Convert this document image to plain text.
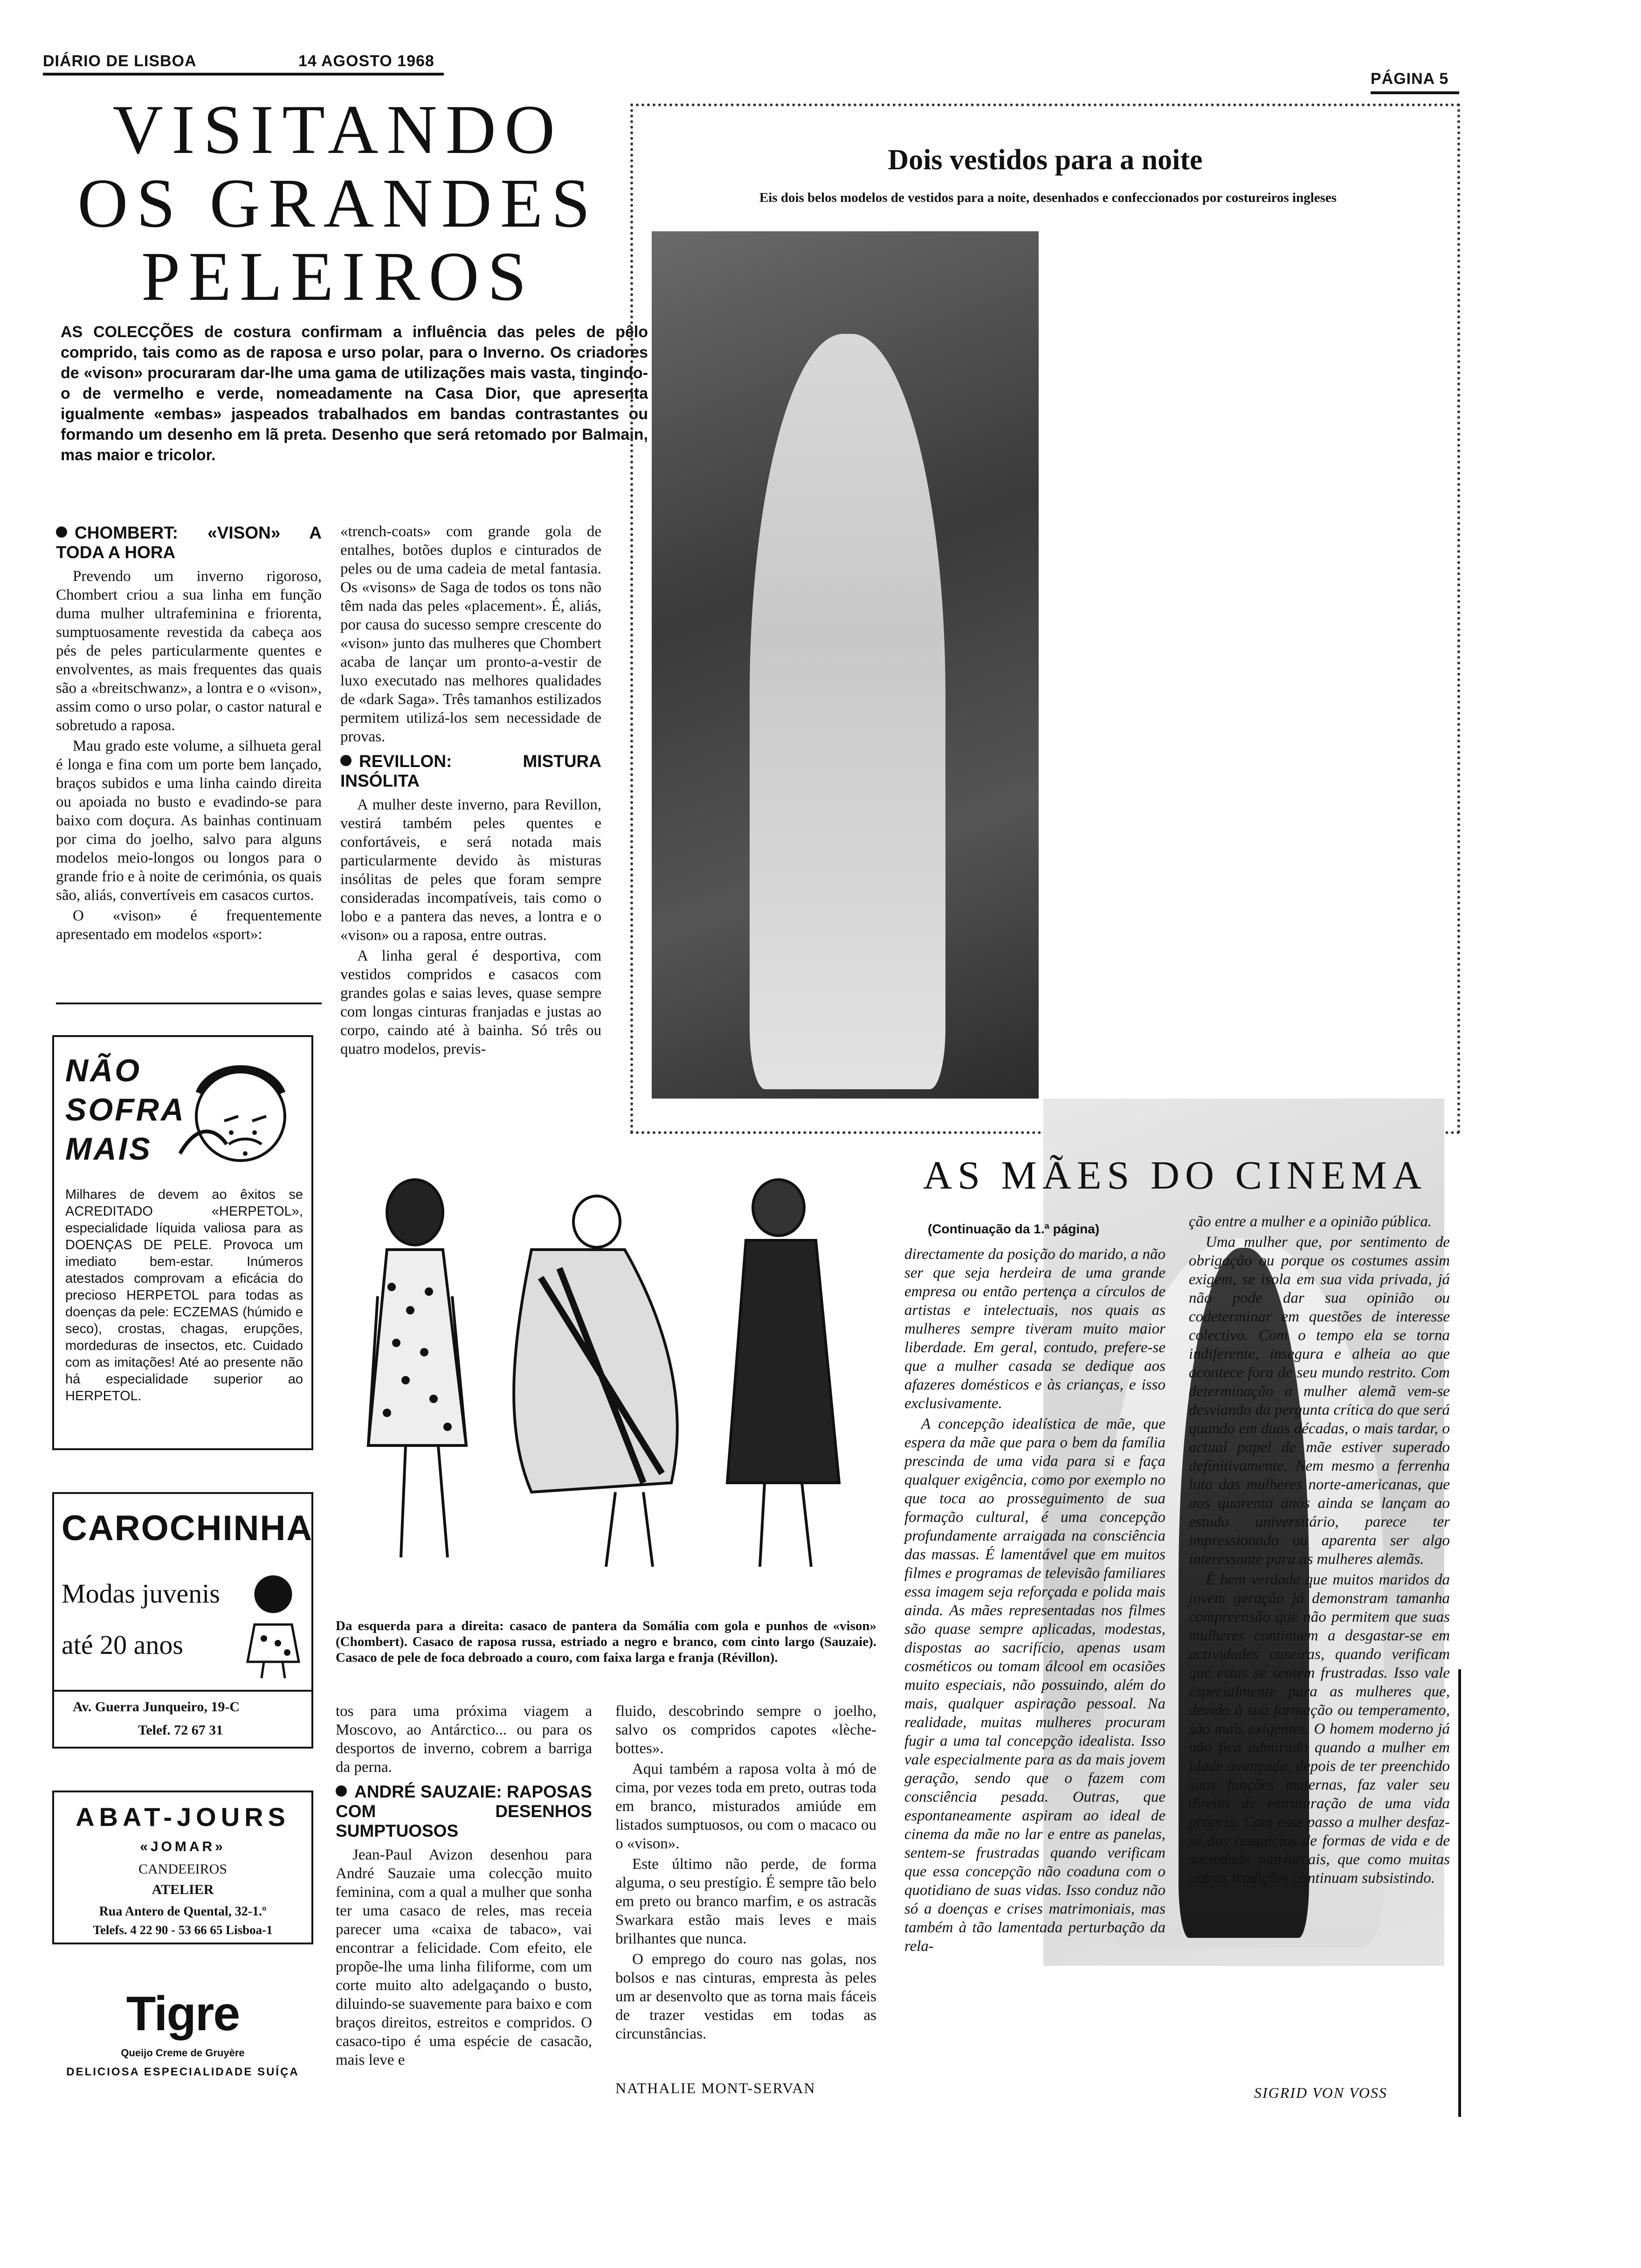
DIÁRIO DE LISBOA	14 AGOSTO 1968
PÁGINA 5
VISITANDO
OS GRANDES
PELEIROS
AS COLECÇÕES de costura confirmam a influência das peles de pêlo comprido, tais como as de raposa e urso polar, para o Inverno. Os criadores de «vison» procuraram dar-lhe uma gama de utilizações mais vasta, tingindo-o de vermelho e verde, nomeadamente na Casa Dior, que apresenta igualmente «embas» jaspeados trabalhados em bandas contrastantes ou formando um desenho em lã preta. Desenho que será retomado por Balmain, mas maior e tricolor.
CHOMBERT: «VISON» A TODA A HORA

Prevendo um inverno rigoroso, Chombert criou a sua linha em função duma mulher ultrafeminina e friorenta, sumptuosamente revestida da cabeça aos pés de peles particularmente quentes e envolventes, as mais frequentes das quais são a «breitschwanz», a lontra e o «vison», assim como o urso polar, o castor natural e sobretudo a raposa.

Mau grado este volume, a silhueta geral é longa e fina com um porte bem lançado, braços subidos e uma linha caindo direita ou apoiada no busto e evadindo-se para baixo com doçura. As bainhas continuam por cima do joelho, salvo para alguns modelos meio-longos ou longos para o grande frio e à noite de cerimónia, os quais são, aliás, convertíveis em casacos curtos.

O «vison» é frequentemente apresentado em modelos «sport»:

«trench-coats» com grande gola de entalhes, botões duplos e cinturados de peles ou de uma cadeia de metal fantasia. Os «visons» de Saga de todos os tons não têm nada das peles «placement». É, aliás, por causa do sucesso sempre crescente do «vison» junto das mulheres que Chombert acaba de lançar um pronto-a-vestir de luxo executado nas melhores qualidades de «dark Saga». Três tamanhos estilizados permitem utilizá-los sem necessidade de provas.

REVILLON: MISTURA INSÓLITA

A mulher deste inverno, para Revillon, vestirá também peles quentes e confortáveis, e será notada mais particularmente devido às misturas insólitas de peles que foram sempre consideradas incompatíveis, tais como o lobo e a pantera das neves, a lontra e o «vison» ou a raposa, entre outras.

A linha geral é desportiva, com vestidos compridos e casacos com grandes golas e saias leves, quase sempre com longas cinturas franjadas e justas ao corpo, caindo até à bainha. Só três ou quatro modelos, previs-

Dois vestidos para a noite
Eis dois belos modelos de vestidos para a noite, desenhados e confeccionados por costureiros ingleses
AS MÃES DO CINEMA
(Continuação da 1.ª página)

directamente da posição do marido, a não ser que seja herdeira de uma grande empresa ou então pertença a círculos de artistas e intelectuais, nos quais as mulheres sempre tiveram muito maior liberdade. Em geral, contudo, prefere-se que a mulher casada se dedique aos afazeres domésticos e às crianças, e isso exclusivamente.

A concepção idealística de mãe, que espera da mãe que para o bem da família prescinda de uma vida para si e faça qualquer exigência, como por exemplo no que toca ao prosseguimento de sua formação cultural, é uma concepção profundamente arraigada na consciência das massas. É lamentável que em muitos filmes e programas de televisão familiares essa imagem seja reforçada e polida mais ainda. As mães representadas nos filmes são quase sempre aplicadas, modestas, dispostas ao sacrifício, apenas usam cosméticos ou tomam álcool em ocasiões muito especiais, não possuindo, além do mais, qualquer aspiração pessoal. Na realidade, muitas mulheres procuram fugir a uma tal concepção idealista. Isso vale especialmente para as da mais jovem geração, sendo que o fazem com consciência pesada. Outras, que espontaneamente aspiram ao ideal de cinema da mãe no lar e entre as panelas, sentem-se frustradas quando verificam que essa concepção não coaduna com o quotidiano de suas vidas. Isso conduz não só a doenças e crises matrimoniais, mas também à tão lamentada perturbação da rela-

ção entre a mulher e a opinião pública.

Uma mulher que, por sentimento de obrigação ou porque os costumes assim exigem, se isola em sua vida privada, já não pode dar sua opinião ou codeterminar em questões de interesse colectivo. Com o tempo ela se torna indiferente, insegura e alheia ao que acontece fora de seu mundo restrito. Com determinação a mulher alemã vem-se desviando da pergunta crítica do que será quando em duas décadas, o mais tardar, o actual papel de mãe estiver superado definitivamente. Nem mesmo a ferrenha luta das mulheres norte-americanas, que aos quarenta anos ainda se lançam ao estudo universitário, parece ter impressionado ou aparenta ser algo interessante para as mulheres alemãs.

É bem verdade que muitos maridos da jovem geração já demonstram tamanha compreensão que não permitem que suas mulheres continuem a desgastar-se em actividades caseiras, quando verificam que estas se sentem frustradas. Isso vale especialmente para as mulheres que, devido à sua formação ou temperamento, são mais exigentes. O homem moderno já não fica admirado quando a mulher em idade avançada, depois de ter preenchido suas funções maternas, faz valer seu direito de estruturação de uma vida própria. Com esse passo a mulher desfaz-se dos resquícios de formas de vida e de sociedade patriarcais, que como muitas outras tradições continuam subsistindo.

SIGRID VON VOSS
Da esquerda para a direita: casaco de pantera da Somália com gola e punhos de «vison» (Chombert). Casaco de raposa russa, estriado a negro e branco, com cinto largo (Sauzaie). Casaco de pele de foca debroado a couro, com faixa larga e franja (Révillon).

tos para uma próxima viagem a Moscovo, ao Antárctico... ou para os desportos de inverno, cobrem a barriga da perna.

ANDRÉ SAUZAIE: RAPOSAS COM DESENHOS SUMPTUOSOS

Jean-Paul Avizon desenhou para André Sauzaie uma colecção muito feminina, com a qual a mulher que sonha ter uma casaco de reles, mas receia parecer uma «caixa de tabaco», vai encontrar a felicidade. Com efeito, ele propõe-lhe uma linha filiforme, com um corte muito alto adelgaçando o busto, diluindo-se suavemente para baixo e com braços direitos, estreitos e compridos. O casaco-tipo é uma espécie de casacão, mais leve e

fluido, descobrindo sempre o joelho, salvo os compridos capotes «lèche-bottes».

Aqui também a raposa volta à mó de cima, por vezes toda em preto, outras toda em branco, misturados amiúde em listados sumptuosos, ou com o macaco ou o «vison».

Este último não perde, de forma alguma, o seu prestígio. É sempre tão belo em preto ou branco marfim, e os astracãs Swarkara estão mais leves e mais brilhantes que nunca.

O emprego do couro nas golas, nos bolsos e nas cinturas, empresta às peles um ar desenvolto que as torna mais fáceis de trazer vestidas em todas as circunstâncias.

NATHALIE MONT-SERVAN
NÃO
SOFRA
MAIS
Milhares de devem ao êxitos se ACREDITADO «HERPETOL», especialidade líquida valiosa para as DOENÇAS DE PELE. Provoca um imediato bem-estar. Inúmeros atestados comprovam a eficácia do precioso HERPETOL para todas as doenças da pele: ECZEMAS (húmido e seco), crostas, chagas, erupções, mordeduras de insectos, etc. Cuidado com as imitações! Até ao presente não há especialidade superior ao HERPETOL.
CAROCHINHA
Modas juvenis
até 20 anos
Av. Guerra Junqueiro, 19-C
Telef. 72 67 31
ABAT-JOURS
«JOMAR»
CANDEEIROS
ATELIER
Rua Antero de Quental, 32-1.º
Telefs. 4 22 90 - 53 66 65 Lisboa-1
Tigre
Queijo Creme de Gruyère
DELICIOSA ESPECIALIDADE SUÍÇA
